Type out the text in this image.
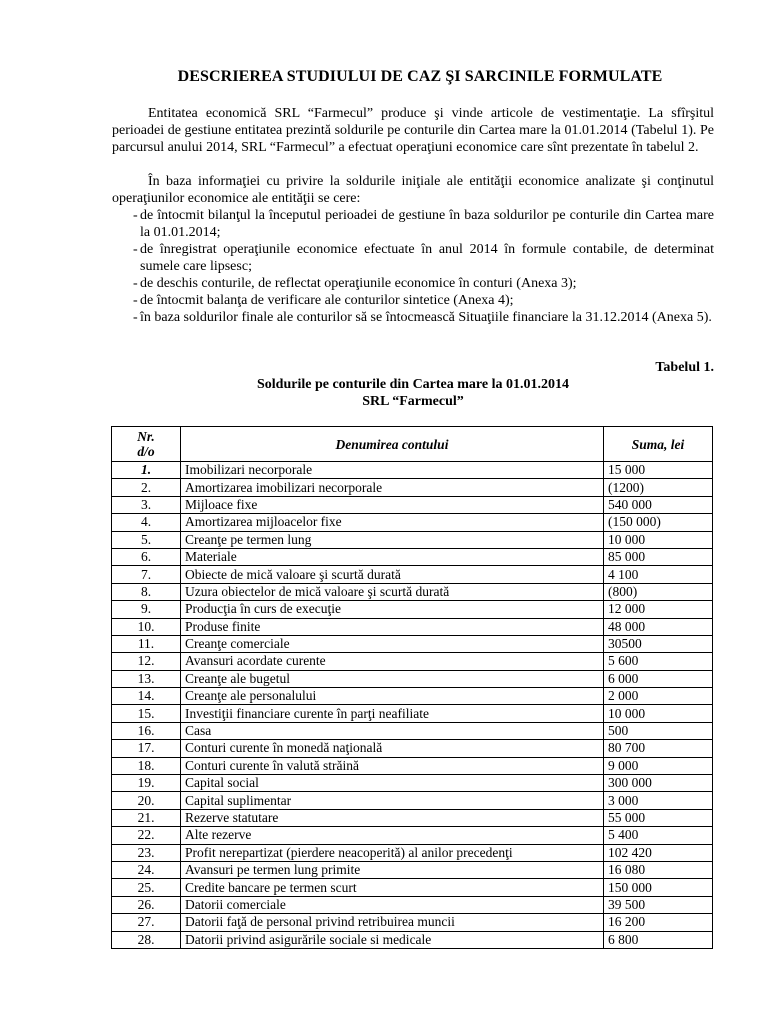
DESCRIEREA STUDIULUI DE CAZ ŞI SARCINILE FORMULATE
Entitatea economică SRL “Farmecul” produce şi vinde articole de vestimentaţie. La sfîrşitul perioadei de gestiune entitatea prezintă soldurile pe conturile din Cartea mare la 01.01.2014 (Tabelul 1). Pe parcursul anului 2014, SRL “Farmecul” a efectuat operaţiuni economice care sînt prezentate în tabelul 2.
În baza informaţiei cu privire la soldurile iniţiale ale entităţii economice analizate şi conţinutul operaţiunilor economice ale entităţii se cere:
- de întocmit bilanţul la începutul perioadei de gestiune în baza soldurilor pe conturile din Cartea mare la 01.01.2014;
- de înregistrat operaţiunile economice efectuate în anul 2014 în formule contabile, de determinat sumele care lipsesc;
- de deschis conturile, de reflectat operaţiunile economice în conturi (Anexa 3);
- de întocmit balanţa de verificare ale conturilor sintetice (Anexa 4);
- în baza soldurilor finale ale conturilor să se întocmească Situaţiile financiare la 31.12.2014 (Anexa 5).
Tabelul 1.
Soldurile pe conturile din Cartea mare la 01.01.2014
SRL “Farmecul”
Nr.
d/o	Denumirea contului	Suma, lei
1.	Imobilizari necorporale	15 000
2.	Amortizarea imobilizari necorporale	(1200)
3.	Mijloace fixe	540 000
4.	Amortizarea mijloacelor fixe	(150 000)
5.	Creanţe pe termen lung	10 000
6.	Materiale	85 000
7.	Obiecte de mică valoare şi scurtă durată	4 100
8.	Uzura obiectelor de mică valoare şi scurtă durată	(800)
9.	Producţia în curs de execuţie	12 000
10.	Produse finite	48 000
11.	Creanţe comerciale	30500
12.	Avansuri acordate curente	5 600
13.	Creanţe ale bugetul	6 000
14.	Creanţe ale personalului	2 000
15.	Investiţii financiare curente în parţi neafiliate	10 000
16.	Casa	500
17.	Conturi curente în monedă naţională	80 700
18.	Conturi curente în valută străină	9 000
19.	Capital social	300 000
20.	Capital suplimentar	3 000
21.	Rezerve statutare	55 000
22.	Alte rezerve	5 400
23.	Profit nerepartizat (pierdere neacoperită) al anilor precedenţi	102 420
24.	Avansuri pe termen lung primite	16 080
25.	Credite bancare pe termen scurt	150 000
26.	Datorii comerciale	39 500
27.	Datorii faţă de personal privind retribuirea muncii	16 200
28.	Datorii privind asigurările sociale si medicale	6 800
